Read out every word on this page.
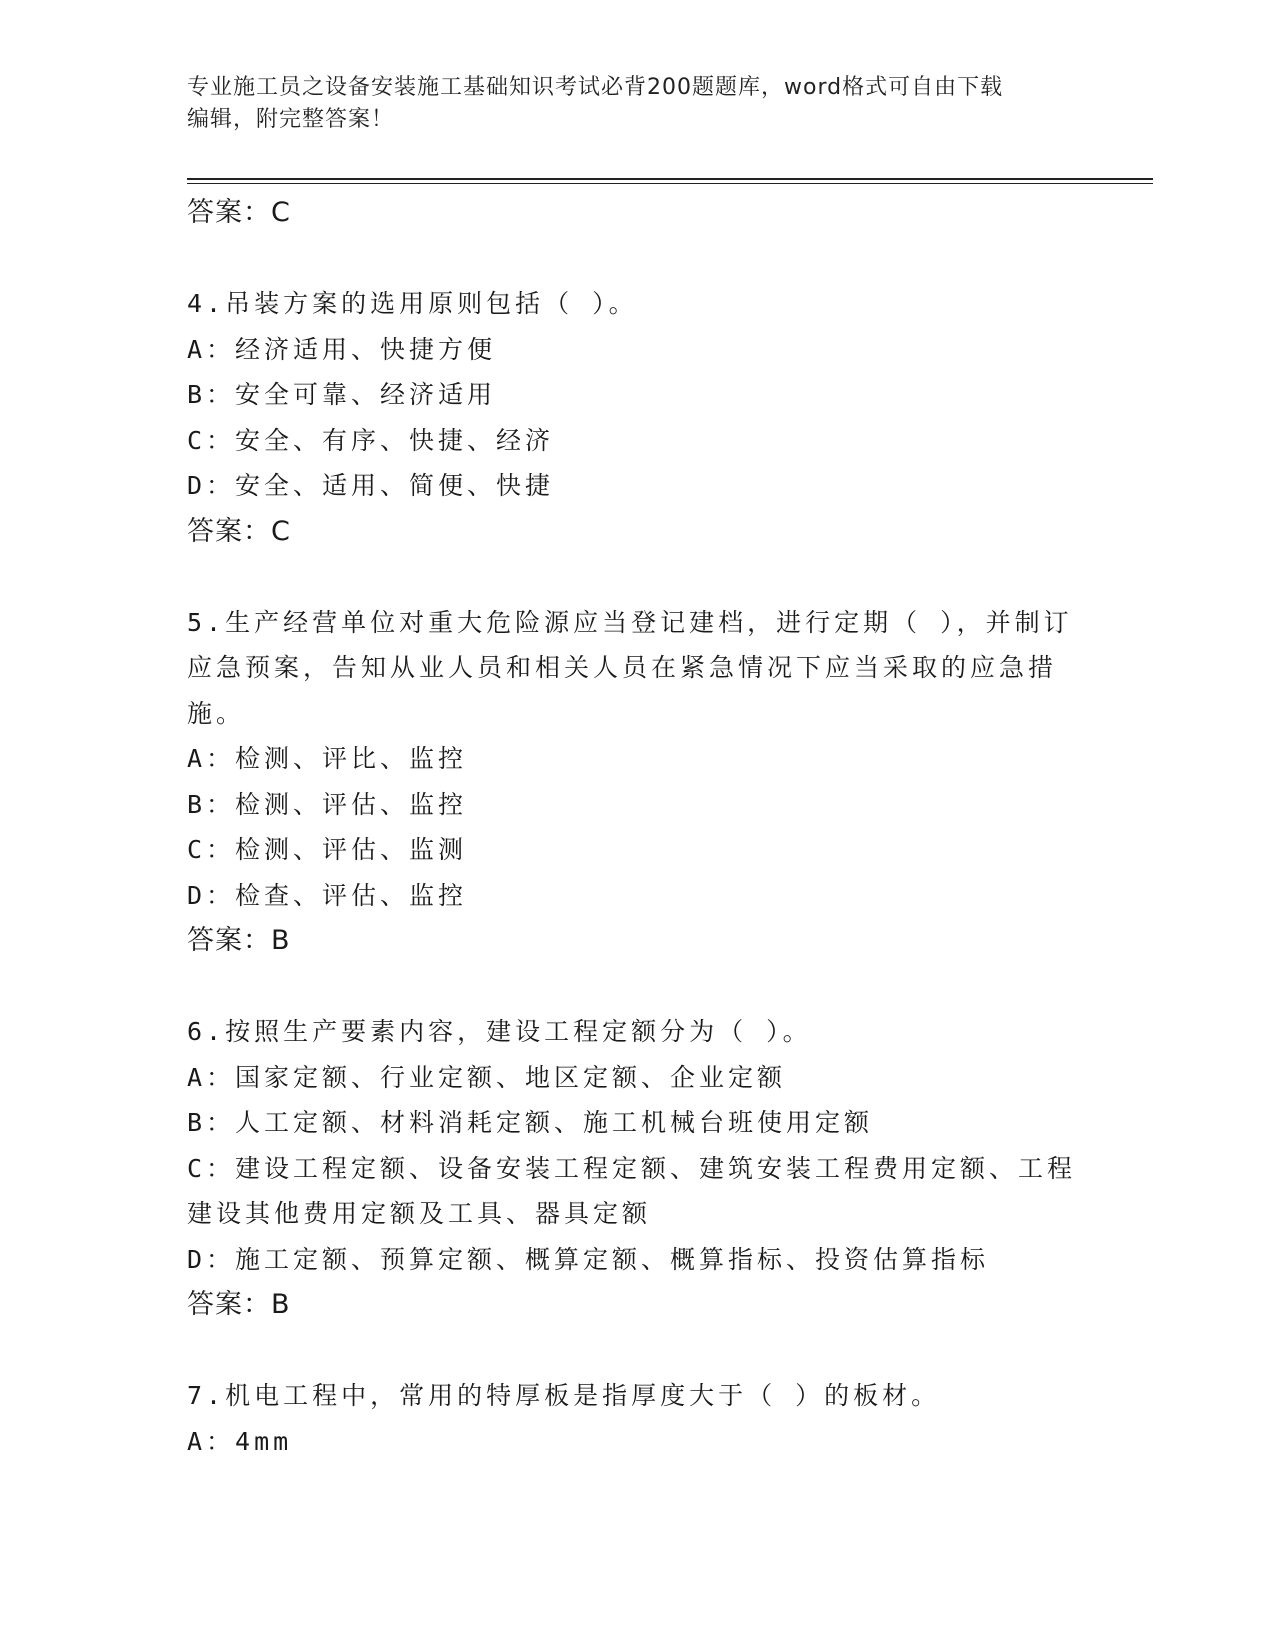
专业施工员之设备安装施工基础知识考试必背200题题库，word格式可自由下载
编辑，附完整答案！
答案：C
4.吊装方案的选用原则包括（ ）。
A：经济适用、快捷方便
B：安全可靠、经济适用
C：安全、有序、快捷、经济
D：安全、适用、简便、快捷
答案：C
5.生产经营单位对重大危险源应当登记建档，进行定期（ ），并制订
应急预案，告知从业人员和相关人员在紧急情况下应当采取的应急措
施。
A：检测、评比、监控
B：检测、评估、监控
C：检测、评估、监测
D：检查、评估、监控
答案：B
6.按照生产要素内容，建设工程定额分为（ ）。
A：国家定额、行业定额、地区定额、企业定额
B：人工定额、材料消耗定额、施工机械台班使用定额
C：建设工程定额、设备安装工程定额、建筑安装工程费用定额、工程
建设其他费用定额及工具、器具定额
D：施工定额、预算定额、概算定额、概算指标、投资估算指标
答案：B
7.机电工程中，常用的特厚板是指厚度大于（ ）的板材。
A：4mm
